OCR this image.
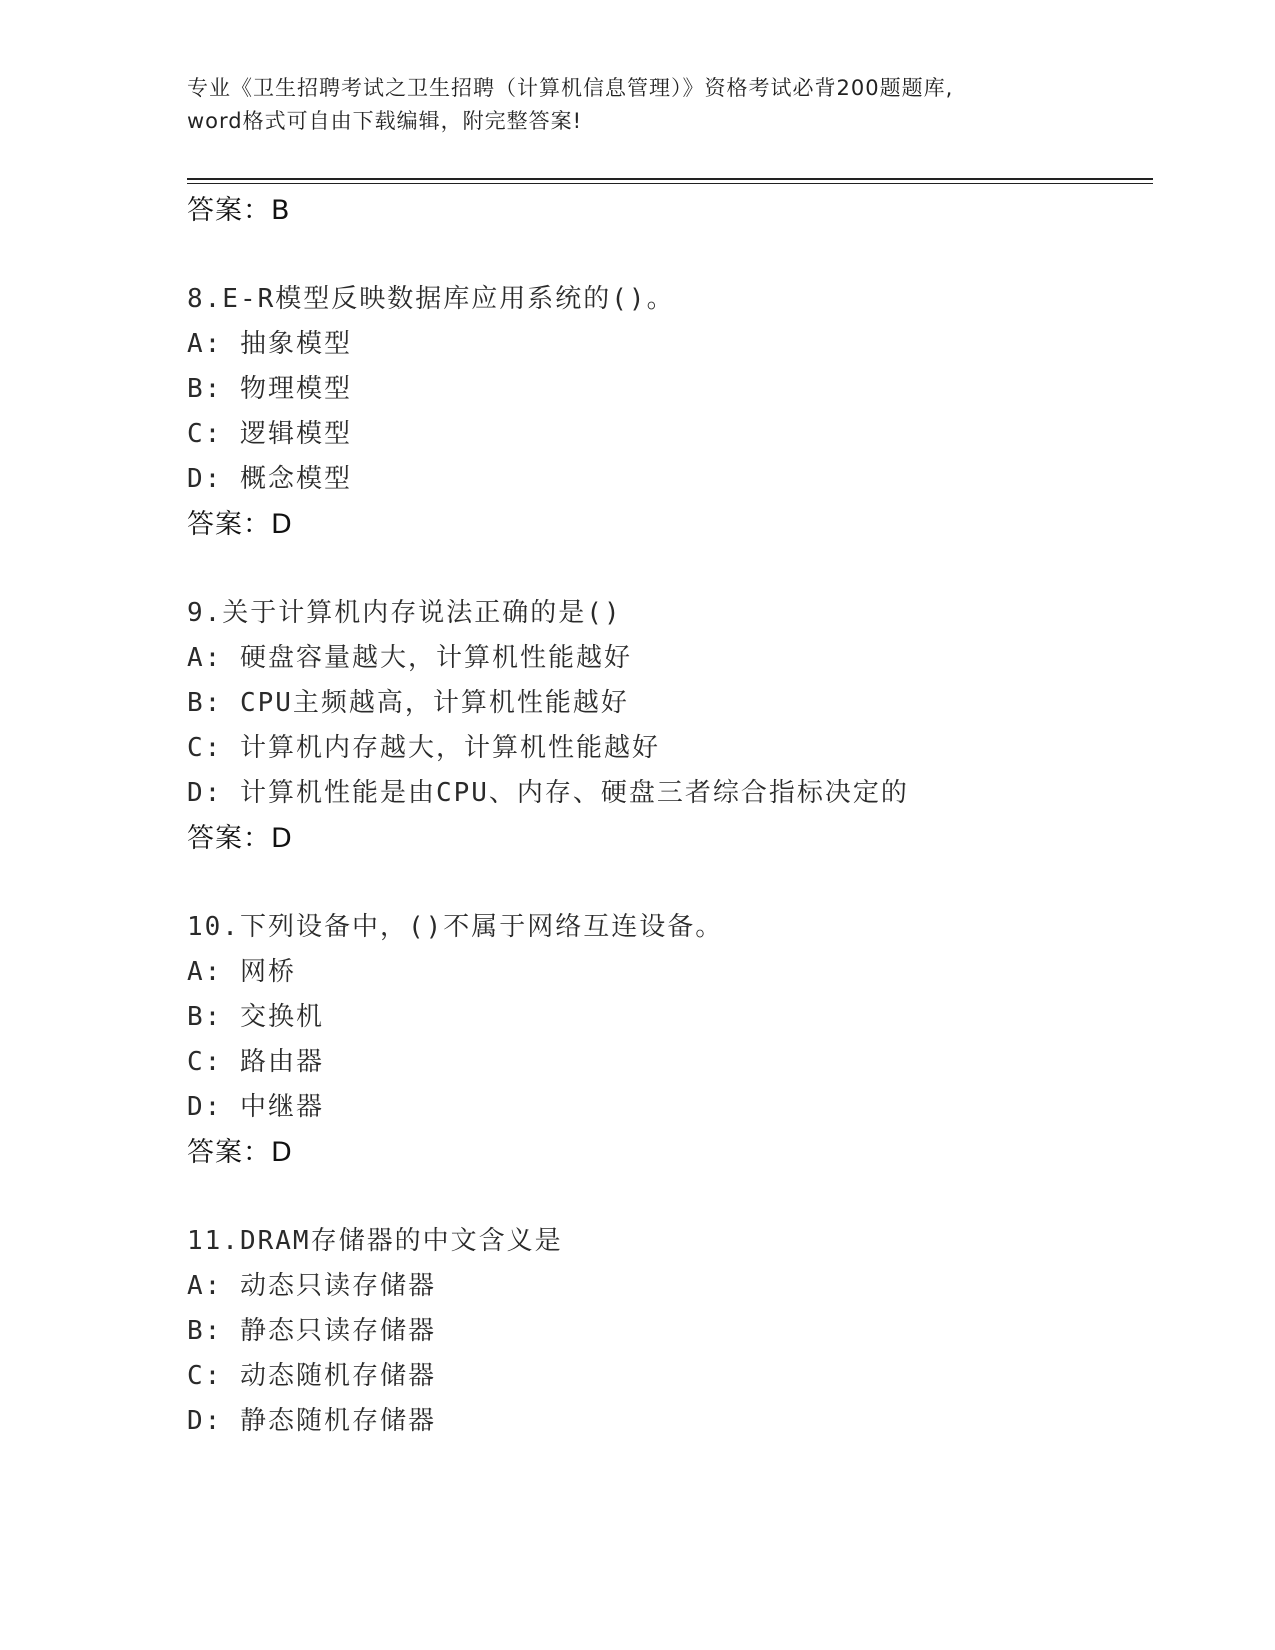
专业《卫生招聘考试之卫生招聘（计算机信息管理）》资格考试必背200题题库,
word格式可自由下载编辑，附完整答案!
答案：B
8.E-R模型反映数据库应用系统的()。
A: 抽象模型
B: 物理模型
C: 逻辑模型
D: 概念模型
答案：D
9.关于计算机内存说法正确的是()
A: 硬盘容量越大，计算机性能越好
B: CPU主频越高，计算机性能越好
C: 计算机内存越大，计算机性能越好
D: 计算机性能是由CPU、内存、硬盘三者综合指标决定的
答案：D
10.下列设备中，()不属于网络互连设备。
A: 网桥
B: 交换机
C: 路由器
D: 中继器
答案：D
11.DRAM存储器的中文含义是
A: 动态只读存储器
B: 静态只读存储器
C: 动态随机存储器
D: 静态随机存储器
